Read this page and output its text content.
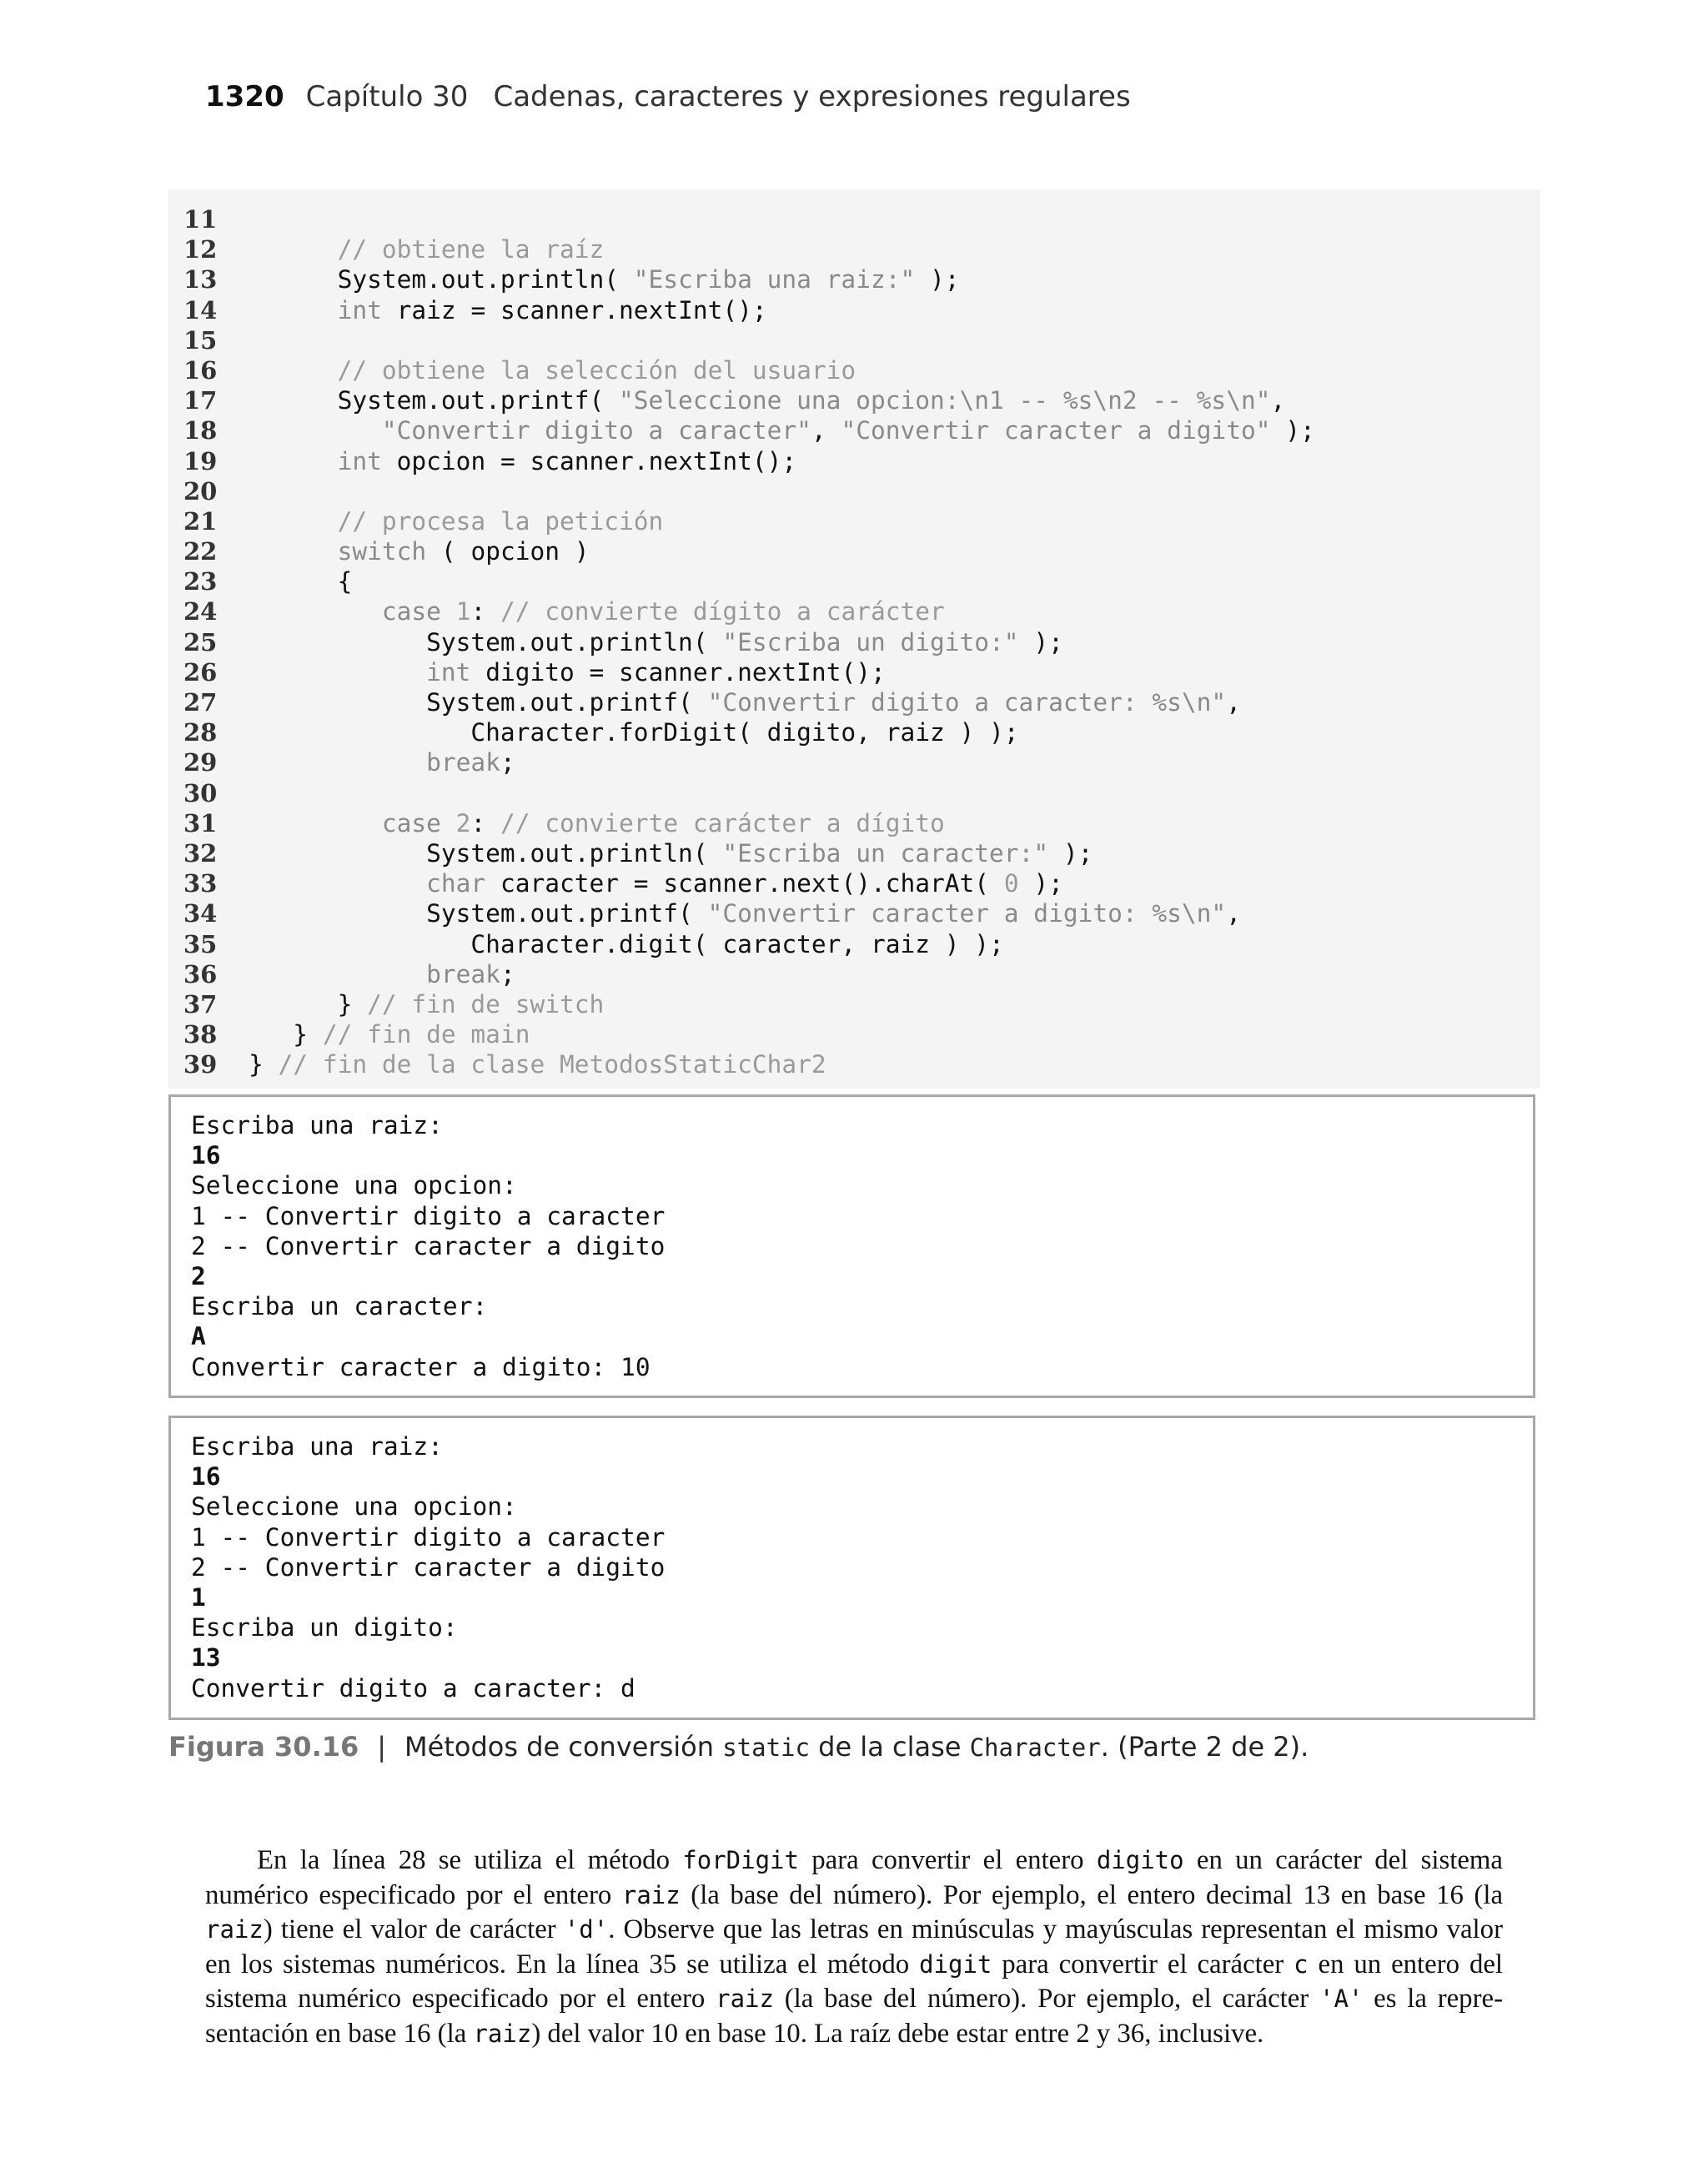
1320 Capítulo 30 Cadenas, caracteres y expresiones regulares
11
12	// obtiene la raíz
13	System.out.println( "Escriba una raiz:" );
14	int raiz = scanner.nextInt();
15
16	// obtiene la selección del usuario
17	System.out.printf( "Seleccione una opcion:\n1 -- %s\n2 -- %s\n",
18	"Convertir digito a caracter", "Convertir caracter a digito" );
19	int opcion = scanner.nextInt();
20
21	// procesa la petición
22	switch ( opcion )
23	{
24	case 1: // convierte dígito a carácter
25	System.out.println( "Escriba un digito:" );
26	int digito = scanner.nextInt();
27	System.out.printf( "Convertir digito a caracter: %s\n",
28	Character.forDigit( digito, raiz ) );
29	break;
30
31	case 2: // convierte carácter a dígito
32	System.out.println( "Escriba un caracter:" );
33	char caracter = scanner.next().charAt( 0 );
34	System.out.printf( "Convertir caracter a digito: %s\n",
35	Character.digit( caracter, raiz ) );
36	break;
37	} // fin de switch
38	} // fin de main
39	} // fin de la clase MetodosStaticChar2
Escriba una raiz:
16
Seleccione una opcion:
1 -- Convertir digito a caracter
2 -- Convertir caracter a digito
2
Escriba un caracter:
A
Convertir caracter a digito: 10
Escriba una raiz:
16
Seleccione una opcion:
1 -- Convertir digito a caracter
2 -- Convertir caracter a digito
1
Escriba un digito:
13
Convertir digito a caracter: d
Figura 30.16 | Métodos de conversión static de la clase Character. (Parte 2 de 2).
En la línea 28 se utiliza el método forDigit para convertir el entero digito en un carácter del sistema
numérico especificado por el entero raiz (la base del número). Por ejemplo, el entero decimal 13 en base 16 (la
raiz) tiene el valor de carácter 'd'. Observe que las letras en minúsculas y mayúsculas representan el mismo valor
en los sistemas numéricos. En la línea 35 se utiliza el método digit para convertir el carácter c en un entero del
sistema numérico especificado por el entero raiz (la base del número). Por ejemplo, el carácter 'A' es la repre-
sentación en base 16 (la raiz) del valor 10 en base 10. La raíz debe estar entre 2 y 36, inclusive.
